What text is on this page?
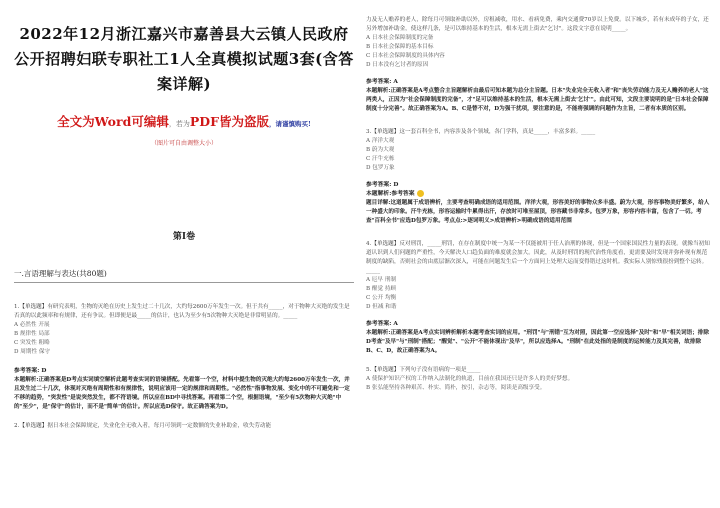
2022年12月浙江嘉兴市嘉善县大云镇人民政府公开招聘妇联专职社工1人全真模拟试题3套(含答案详解)
全文为Word可编辑，若为PDF皆为盗版，请谨慎购买!
（图片可自由调整大小）
第I卷
一.言语理解与表达(共80题)
1.【单选题】有研究表明，生物的灭绝在历史上发生过二十几次，大约每2600万年发生一次。但于共有_____，对于物种大灭绝的发生是否真的以此频率和有规律，还有争议。但即便是最_____的估计，也认为至少有5次物种大灭绝是非常明显的。_____
A 必然性 开展
B 规律性 局部
C 突发性 粗略
D 周期性 保守
参考答案: D
本题解析:正确答案是D考点实词填空解析此题考查实词的语境搭配。先看第一个空，材料中提生物的灭绝大约每2600万年发生一次，并且发生过二十几次，体现对灭绝有周期性和有规律性，说明应该用一定的规律和周期性。"必然性"指事物发展、变化中的不可避免和一定不移的趋势，"突发性"是说突然发生，都不符语境。所以应在BD中寻找答案。再看第二个空，根据语境，"至少有5次物种大灭绝"中的"至少"，是"保守"的估计，而不是"简单"的估计。所以应选D保守。故正确答案为D。
2.【单选题】据日本社会保障规定，失业化全无收入者，每月可领到一定数额的失业补助金，收失劳动能
力及无人赡养的老人，除每月可领取补助以外，房租减收，用水、看病免费，乘内交通费70岁以上免费。以下城乡，若有未成年的子女，还另外增加补助金，使这样几条，是可以维持基本的生活，根本无需上街去"乞讨"。这段文字意在说明_____。
A 日本社会保障制度的完备
B 日本社会保障的基本目标
C 日本社会保障制度的具体内容
D 日本没有乞讨者的原因
参考答案: A
本题解析:正确答案是A考点整合主旨题解析由最后可知本题为总分主旨题。日本"失业完全无收入者"和"丧失劳动能力及无人赡养的老人"这两类人，正因为"社会保障制度的完备"，才"足可以维持基本的生活，根本无需上街去'乞讨'"。由此可知，文段主要说明的是"日本社会保障制度十分完善"。故正确答案为A。B、C是替不对，D为强干扰项，要注意的是，不能将强调的问题作为主旨，二者有本质的区别。
3.【单选题】这一套百科全书，内容涉及各个领域，各门学科，真是_____，丰富多彩。_____
A 洋洋大观
B 蔚为大观
C 汗牛充栋
D 包罗万象
参考答案: D
本题解析:参考答案
题目详解:这道题属于成语辨析，主要考查明确成语的适用范围。洋洋大观，形容美好的事物众多丰盛。蔚为大观，形容事物美好繁多，给人一种盛大的印象。汗牛充栋，形容运输时牛累得出汗，存放时可堆至屋顶，形容藏书非常多。包罗万象，形容内容丰富，包含了一切。考查"百科全书"应选D包罗万象。考点点:>逐词明义>成语辨析>明确成语的适用范围
4.【单选题】反对刑罚，_____刑罚，在存在制度中统一为某一不仅能被用于任人治刑的体现，但是一个国家国民性力量的表现。就像当初知道认识到人们问题的严重性，今天解决人口趋负面的难度就会加大。因此，从及时刑罚的现代治性角度看，更需要及时发现并弥补现有规范制度的缺陷，否则社会的由底层渐次深入，可能在问题发生后一个方面问上处理大运而变得错过这时机。我实际人别惊残很扮到整个运转。_____
A 厄早 刑制
B 醒觉 持顾
C 公开 均衡
D 但减 和谐
参考答案: A
本题解析:正确答案是A考点实词辨析解析本题考查实词的应用。"刑罚"与"刑错"互为对照，因此第一空应选择"及时"和"早"相关词语；排除D考查"及早"与"刑制"搭配；"醒觉"、"公开"不能体现出"及早"，所以应选择A。"刑制"在此处指的是制度的运转能力及其完善，故排除B、C、D，故正确答案为A。
5.【单选题】下列句子没有语病的一项是_____
A 使保护知识产权的工作纳入法制化的轨道，目前在我国还只是许多人的美好梦想。
B 张弘能坚持各种艰苦、朴实、简朴，按引，杂志等，阅读是高级享受。
